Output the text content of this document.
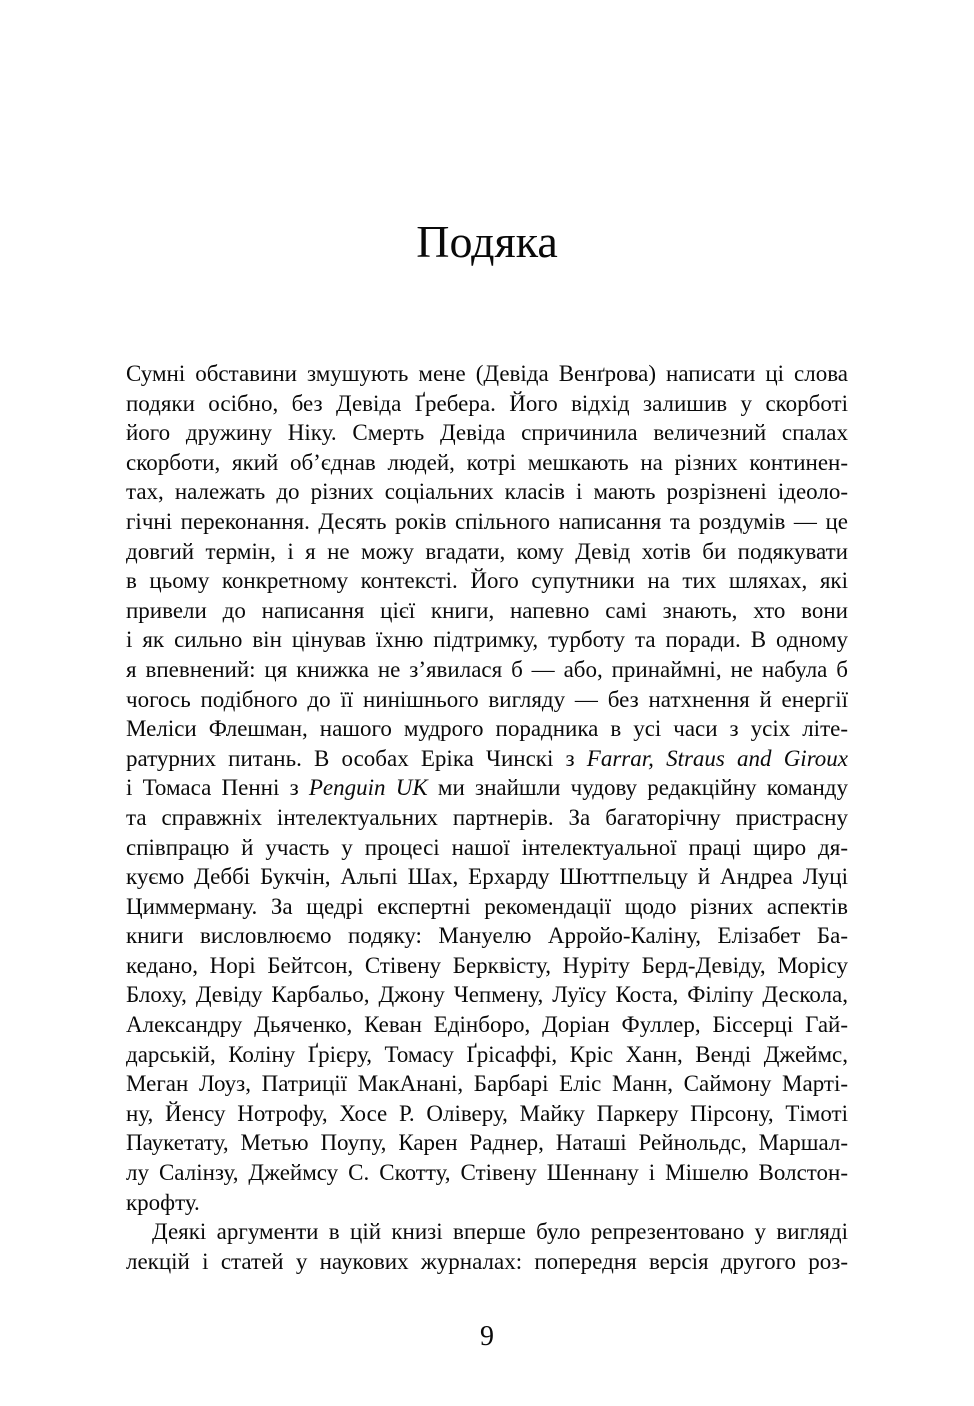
Подяка
Сумні обставини змушують мене (Девіда Венґрова) написати ці слова
подяки осібно, без Девіда Ґребера. Його відхід залишив у скорботі
його дружину Ніку. Смерть Девіда спричинила величезний спалах
скорботи, який об’єднав людей, котрі мешкають на різних континен-
тах, належать до різних соціальних класів і мають розрізнені ідеоло-
гічні переконання. Десять років спільного написання та роздумів — це
довгий термін, і я не можу вгадати, кому Девід хотів би подякувати
в цьому конкретному контексті. Його супутники на тих шляхах, які
привели до написання цієї книги, напевно самі знають, хто вони
і як сильно він цінував їхню підтримку, турботу та поради. В одному
я впевнений: ця книжка не з’явилася б — або, принаймні, не набула б
чогось подібного до її нинішнього вигляду — без натхнення й енергії
Меліси Флешман, нашого мудрого порадника в усі часи з усіх літе-
ратурних питань. В особах Еріка Чинскі з Farrar, Straus and Giroux
і Томаса Пенні з Penguin UK ми знайшли чудову редакційну команду
та справжніх інтелектуальних партнерів. За багаторічну пристрасну
співпрацю й участь у процесі нашої інтелектуальної праці щиро дя-
куємо Деббі Букчін, Альпі Шах, Ерхарду Шюттпельцу й Андреа Луці
Циммерману. За щедрі експертні рекомендації щодо різних аспектів
книги висловлюємо подяку: Мануелю Арройо-Каліну, Елізабет Ба-
кедано, Норі Бейтсон, Стівену Берквісту, Нуріту Берд-Девіду, Морісу
Блоху, Девіду Карбальо, Джону Чепмену, Луїсу Коста, Філіпу Дескола,
Александру Дьяченко, Кеван Едінборо, Доріан Фуллер, Біссерці Гай-
дарській, Коліну Ґрієру, Томасу Ґрісаффі, Кріс Ханн, Венді Джеймс,
Меган Лоуз, Патриції МакАнані, Барбарі Еліс Манн, Саймону Марті-
ну, Йенсу Нотрофу, Хосе Р. Оліверу, Майку Паркеру Пірсону, Тімоті
Паукетату, Метью Поупу, Карен Раднер, Наташі Рейнольдс, Маршал-
лу Салінзу, Джеймсу С. Скотту, Стівену Шеннану і Мішелю Волстон-
крофту.
Деякі аргументи в цій книзі вперше було репрезентовано у вигляді
лекцій і статей у наукових журналах: попередня версія другого роз-
9
